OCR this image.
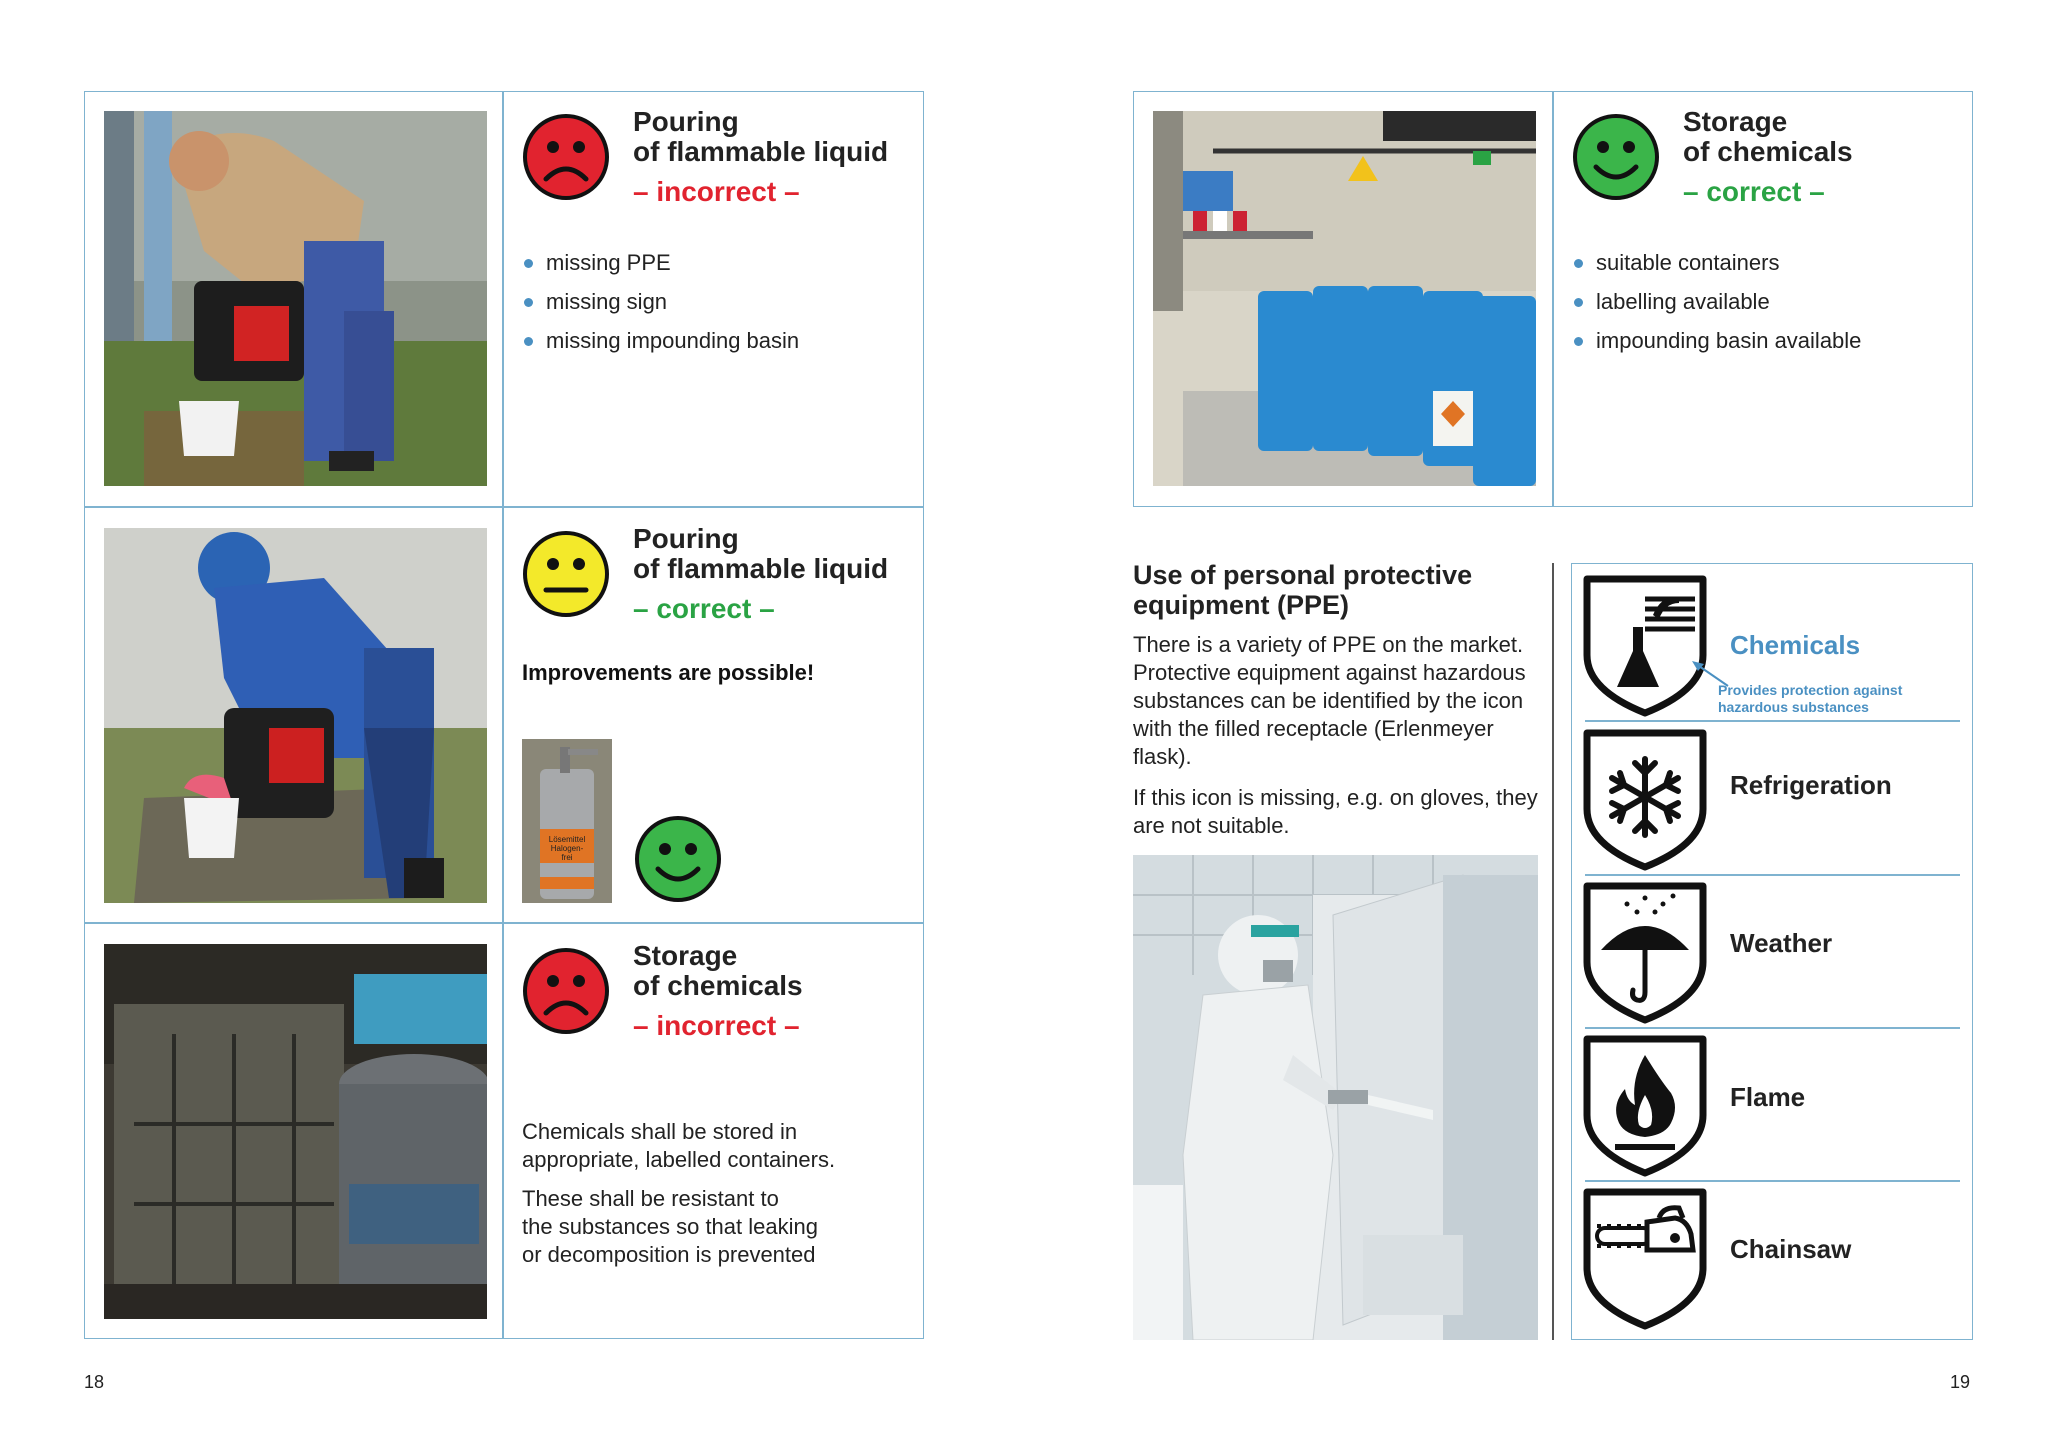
Pouring
of flammable liquid
– incorrect –
missing PPE
missing sign
missing impounding basin
Pouring
of flammable liquid
– correct –
Improvements are possible!
Lösemittel
Halogen-
frei
Storage
of chemicals
– incorrect –
Chemicals shall be stored in
appropriate, labelled containers.
These shall be resistant to
the substances so that leaking
or decomposition is prevented
18
Storage
of chemicals
– correct –
suitable containers
labelling available
impounding basin available
Use of personal protective
equipment (PPE)
There is a variety of PPE on the market.
Protective equipment against hazardous
substances can be identified by the icon
with the filled receptacle (Erlenmeyer
flask).
If this icon is missing, e.g. on gloves, they
are not suitable.
Chemicals
Provides protection against
hazardous substances
Refrigeration
Weather
Flame
Chainsaw
19
